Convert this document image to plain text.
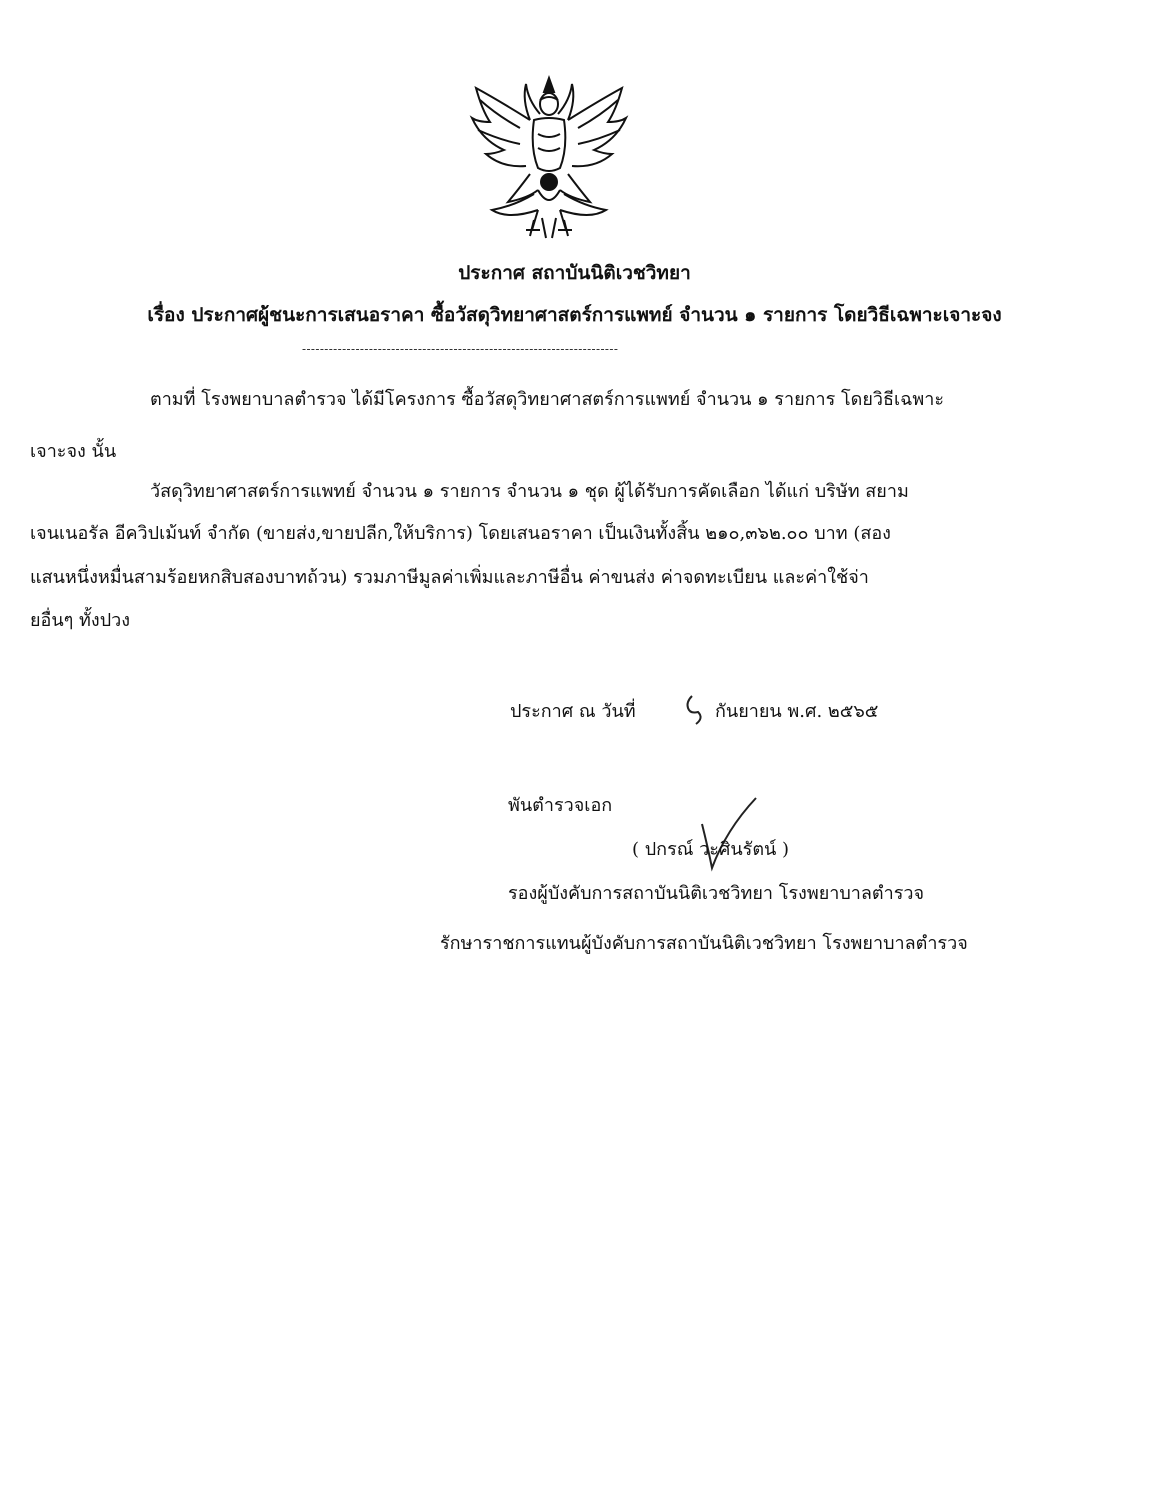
ประกาศ สถาบันนิติเวชวิทยา
เรื่อง ประกาศผู้ชนะการเสนอราคา ซื้อวัสดุวิทยาศาสตร์การแพทย์ จำนวน ๑ รายการ โดยวิธีเฉพาะเจาะจง
-----------------------------------------------------------------------
ตามที่ โรงพยาบาลตำรวจ ได้มีโครงการ ซื้อวัสดุวิทยาศาสตร์การแพทย์ จำนวน ๑ รายการ โดยวิธีเฉพาะ
เจาะจง นั้น
วัสดุวิทยาศาสตร์การแพทย์ จำนวน ๑ รายการ จำนวน ๑ ชุด ผู้ได้รับการคัดเลือก ได้แก่ บริษัท สยาม
เจนเนอรัล อีควิปเม้นท์ จำกัด (ขายส่ง,ขายปลีก,ให้บริการ) โดยเสนอราคา เป็นเงินทั้งสิ้น ๒๑๐,๓๖๒.๐๐ บาท (สอง
แสนหนึ่งหมื่นสามร้อยหกสิบสองบาทถ้วน) รวมภาษีมูลค่าเพิ่มและภาษีอื่น ค่าขนส่ง ค่าจดทะเบียน และค่าใช้จ่า
ยอื่นๆ ทั้งปวง
ประกาศ ณ วันที่	กันยายน พ.ศ. ๒๕๖๕
พันตำรวจเอก
( ปกรณ์ วะศินรัตน์ )
รองผู้บังคับการสถาบันนิติเวชวิทยา โรงพยาบาลตำรวจ
รักษาราชการแทนผู้บังคับการสถาบันนิติเวชวิทยา โรงพยาบาลตำรวจ
